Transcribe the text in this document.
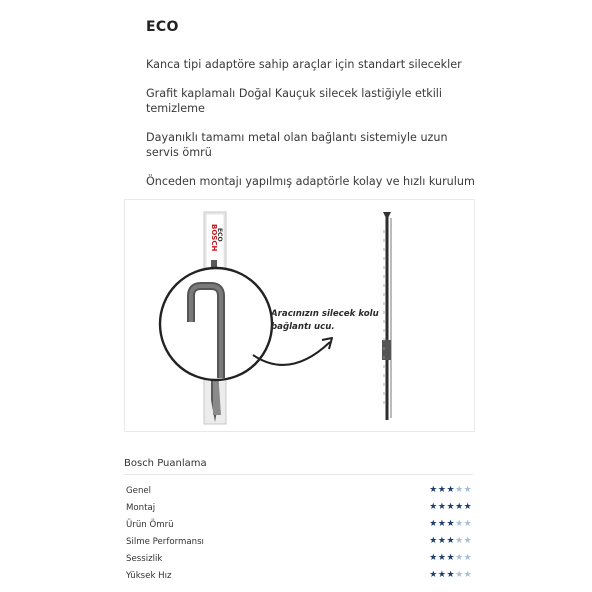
ECO
Kanca tipi adaptöre sahip araçlar için standart silecekler
Grafit kaplamalı Doğal Kauçuk silecek lastiğiyle etkili temizleme
Dayanıklı tamamı metal olan bağlantı sistemiyle uzun servis ömrü
Önceden montajı yapılmış adaptörle kolay ve hızlı kurulum
BOSCH
ECO
Aracınızın silecek kolu bağlantı ucu.
Bosch Puanlama
Genel	★ ★ ★ ★ ★
Montaj	★ ★ ★ ★ ★
Ürün Ömrü	★ ★ ★ ★ ★
Silme Performansı	★ ★ ★ ★ ★
Sessizlik	★ ★ ★ ★ ★
Yüksek Hız	★ ★ ★ ★ ★
